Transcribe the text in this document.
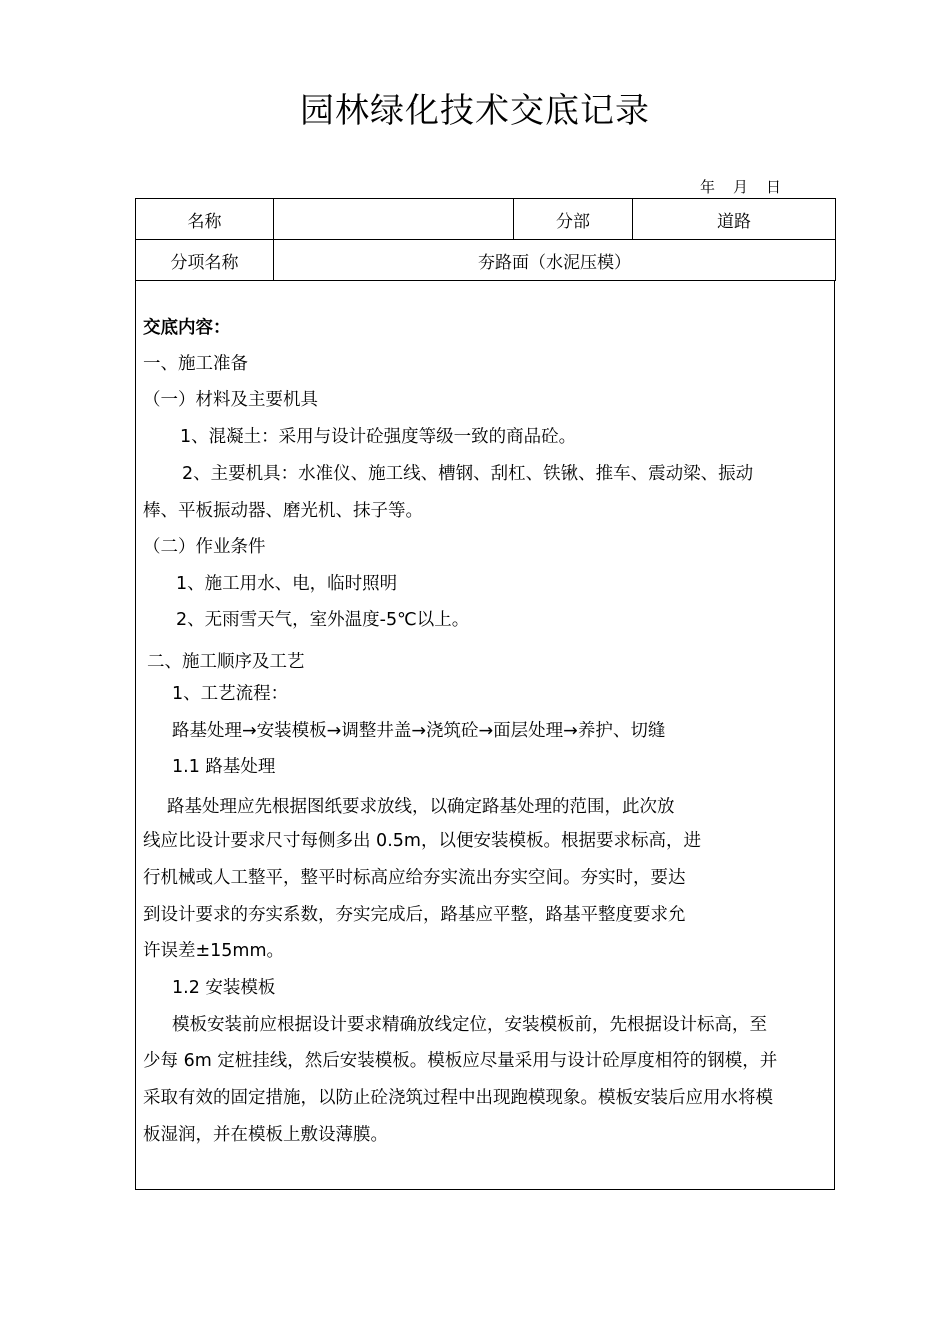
园林绿化技术交底记录
年 月 日
名称		分部	道路
分项名称	夯路面（水泥压模）		
交底内容：
一、施工准备
（一）材料及主要机具
1、混凝土：采用与设计砼强度等级一致的商品砼。
2、主要机具：水准仪、施工线、槽钢、刮杠、铁锹、推车、震动梁、振动
棒、平板振动器、磨光机、抹子等。
（二）作业条件
1、施工用水、电，临时照明
2、无雨雪天气，室外温度-5℃以上。
二、施工顺序及工艺
1、工艺流程：
路基处理→安装模板→调整井盖→浇筑砼→面层处理→养护、切缝
1.1 路基处理
路基处理应先根据图纸要求放线，以确定路基处理的范围，此次放
线应比设计要求尺寸每侧多出 0.5m，以便安装模板。根据要求标高，进
行机械或人工整平，整平时标高应给夯实流出夯实空间。夯实时，要达
到设计要求的夯实系数，夯实完成后，路基应平整，路基平整度要求允
许误差±15mm。
1.2 安装模板
模板安装前应根据设计要求精确放线定位，安装模板前，先根据设计标高，至
少每 6m 定桩挂线，然后安装模板。模板应尽量采用与设计砼厚度相符的钢模，并
采取有效的固定措施，以防止砼浇筑过程中出现跑模现象。模板安装后应用水将模
板湿润，并在模板上敷设薄膜。
